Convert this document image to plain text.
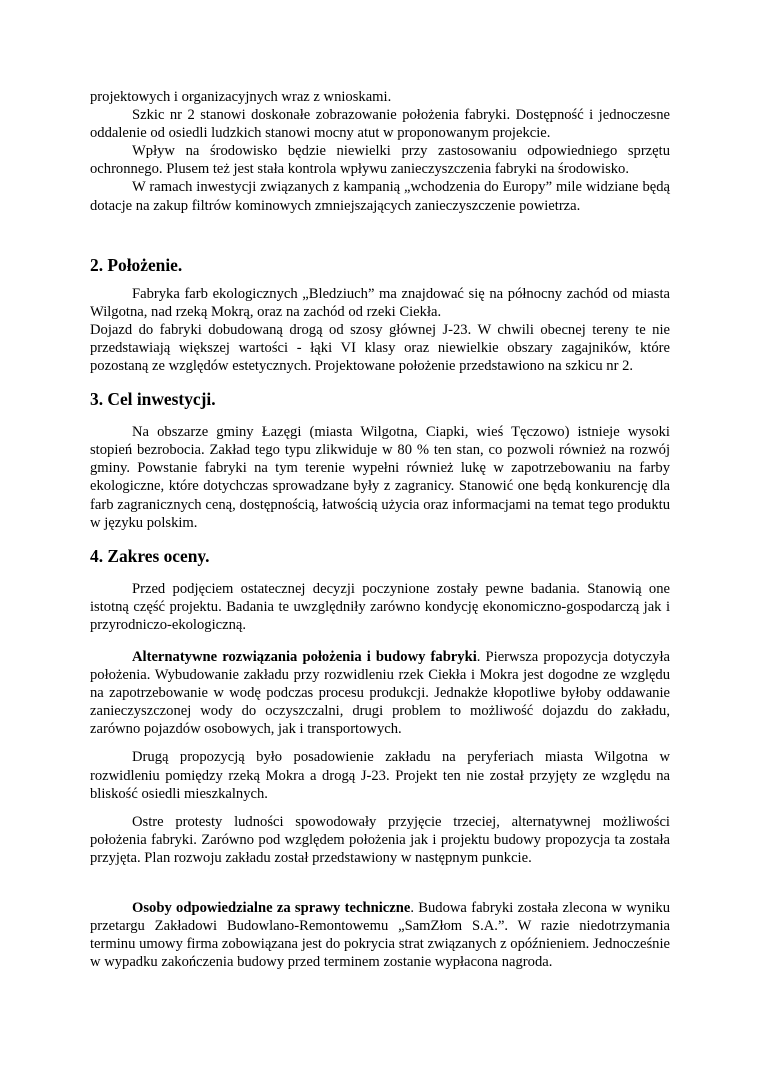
projektowych i organizacyjnych wraz z wnioskami.

Szkic nr 2 stanowi doskonałe zobrazowanie położenia fabryki. Dostępność i jednoczesne oddalenie od osiedli ludzkich stanowi mocny atut w proponowanym projekcie.

Wpływ na środowisko będzie niewielki przy zastosowaniu odpowiedniego sprzętu ochronnego. Plusem też jest stała kontrola wpływu zanieczyszczenia fabryki na środowisko.

W ramach inwestycji związanych z kampanią „wchodzenia do Europy” mile widziane będą dotacje na zakup filtrów kominowych zmniejszających zanieczyszczenie powietrza.

2. Położenie.

Fabryka farb ekologicznych „Bledziuch” ma znajdować się na północny zachód od miasta Wilgotna, nad rzeką Mokrą, oraz na zachód od rzeki Ciekła.

Dojazd do fabryki dobudowaną drogą od szosy głównej J-23. W chwili obecnej tereny te nie przedstawiają większej wartości - łąki VI klasy oraz niewielkie obszary zagajników, które pozostaną ze względów estetycznych. Projektowane położenie przedstawiono na szkicu nr 2.

3. Cel inwestycji.

Na obszarze gminy Łazęgi (miasta Wilgotna, Ciapki, wieś Tęczowo) istnieje wysoki stopień bezrobocia. Zakład tego typu zlikwiduje w 80 % ten stan, co pozwoli również na rozwój gminy. Powstanie fabryki na tym terenie wypełni również lukę w zapotrzebowaniu na farby ekologiczne, które dotychczas sprowadzane były z zagranicy. Stanowić one będą konkurencję dla farb zagranicznych ceną, dostępnością, łatwością użycia oraz informacjami na temat tego produktu w języku polskim.

4. Zakres oceny.

Przed podjęciem ostatecznej decyzji poczynione zostały pewne badania. Stanowią one istotną część projektu. Badania te uwzględniły zarówno kondycję ekonomiczno-gospodarczą jak i przyrodniczo-ekologiczną.

Alternatywne rozwiązania położenia i budowy fabryki. Pierwsza propozycja dotyczyła położenia. Wybudowanie zakładu przy rozwidleniu rzek Ciekła i Mokra jest dogodne ze względu na zapotrzebowanie w wodę podczas procesu produkcji. Jednakże kłopotliwe byłoby oddawanie zanieczyszczonej wody do oczyszczalni, drugi problem to możliwość dojazdu do zakładu, zarówno pojazdów osobowych, jak i transportowych.

Drugą propozycją było posadowienie zakładu na peryferiach miasta Wilgotna w rozwidleniu pomiędzy rzeką Mokra a drogą J-23. Projekt ten nie został przyjęty ze względu na bliskość osiedli mieszkalnych.

Ostre protesty ludności spowodowały przyjęcie trzeciej, alternatywnej możliwości położenia fabryki. Zarówno pod względem położenia jak i projektu budowy propozycja ta została przyjęta. Plan rozwoju zakładu został przedstawiony w następnym punkcie.

Osoby odpowiedzialne za sprawy techniczne. Budowa fabryki została zlecona w wyniku przetargu Zakładowi Budowlano-Remontowemu „SamZłom S.A.”. W razie niedotrzymania terminu umowy firma zobowiązana jest do pokrycia strat związanych z opóźnieniem. Jednocześnie w wypadku zakończenia budowy przed terminem zostanie wypłacona nagroda.
